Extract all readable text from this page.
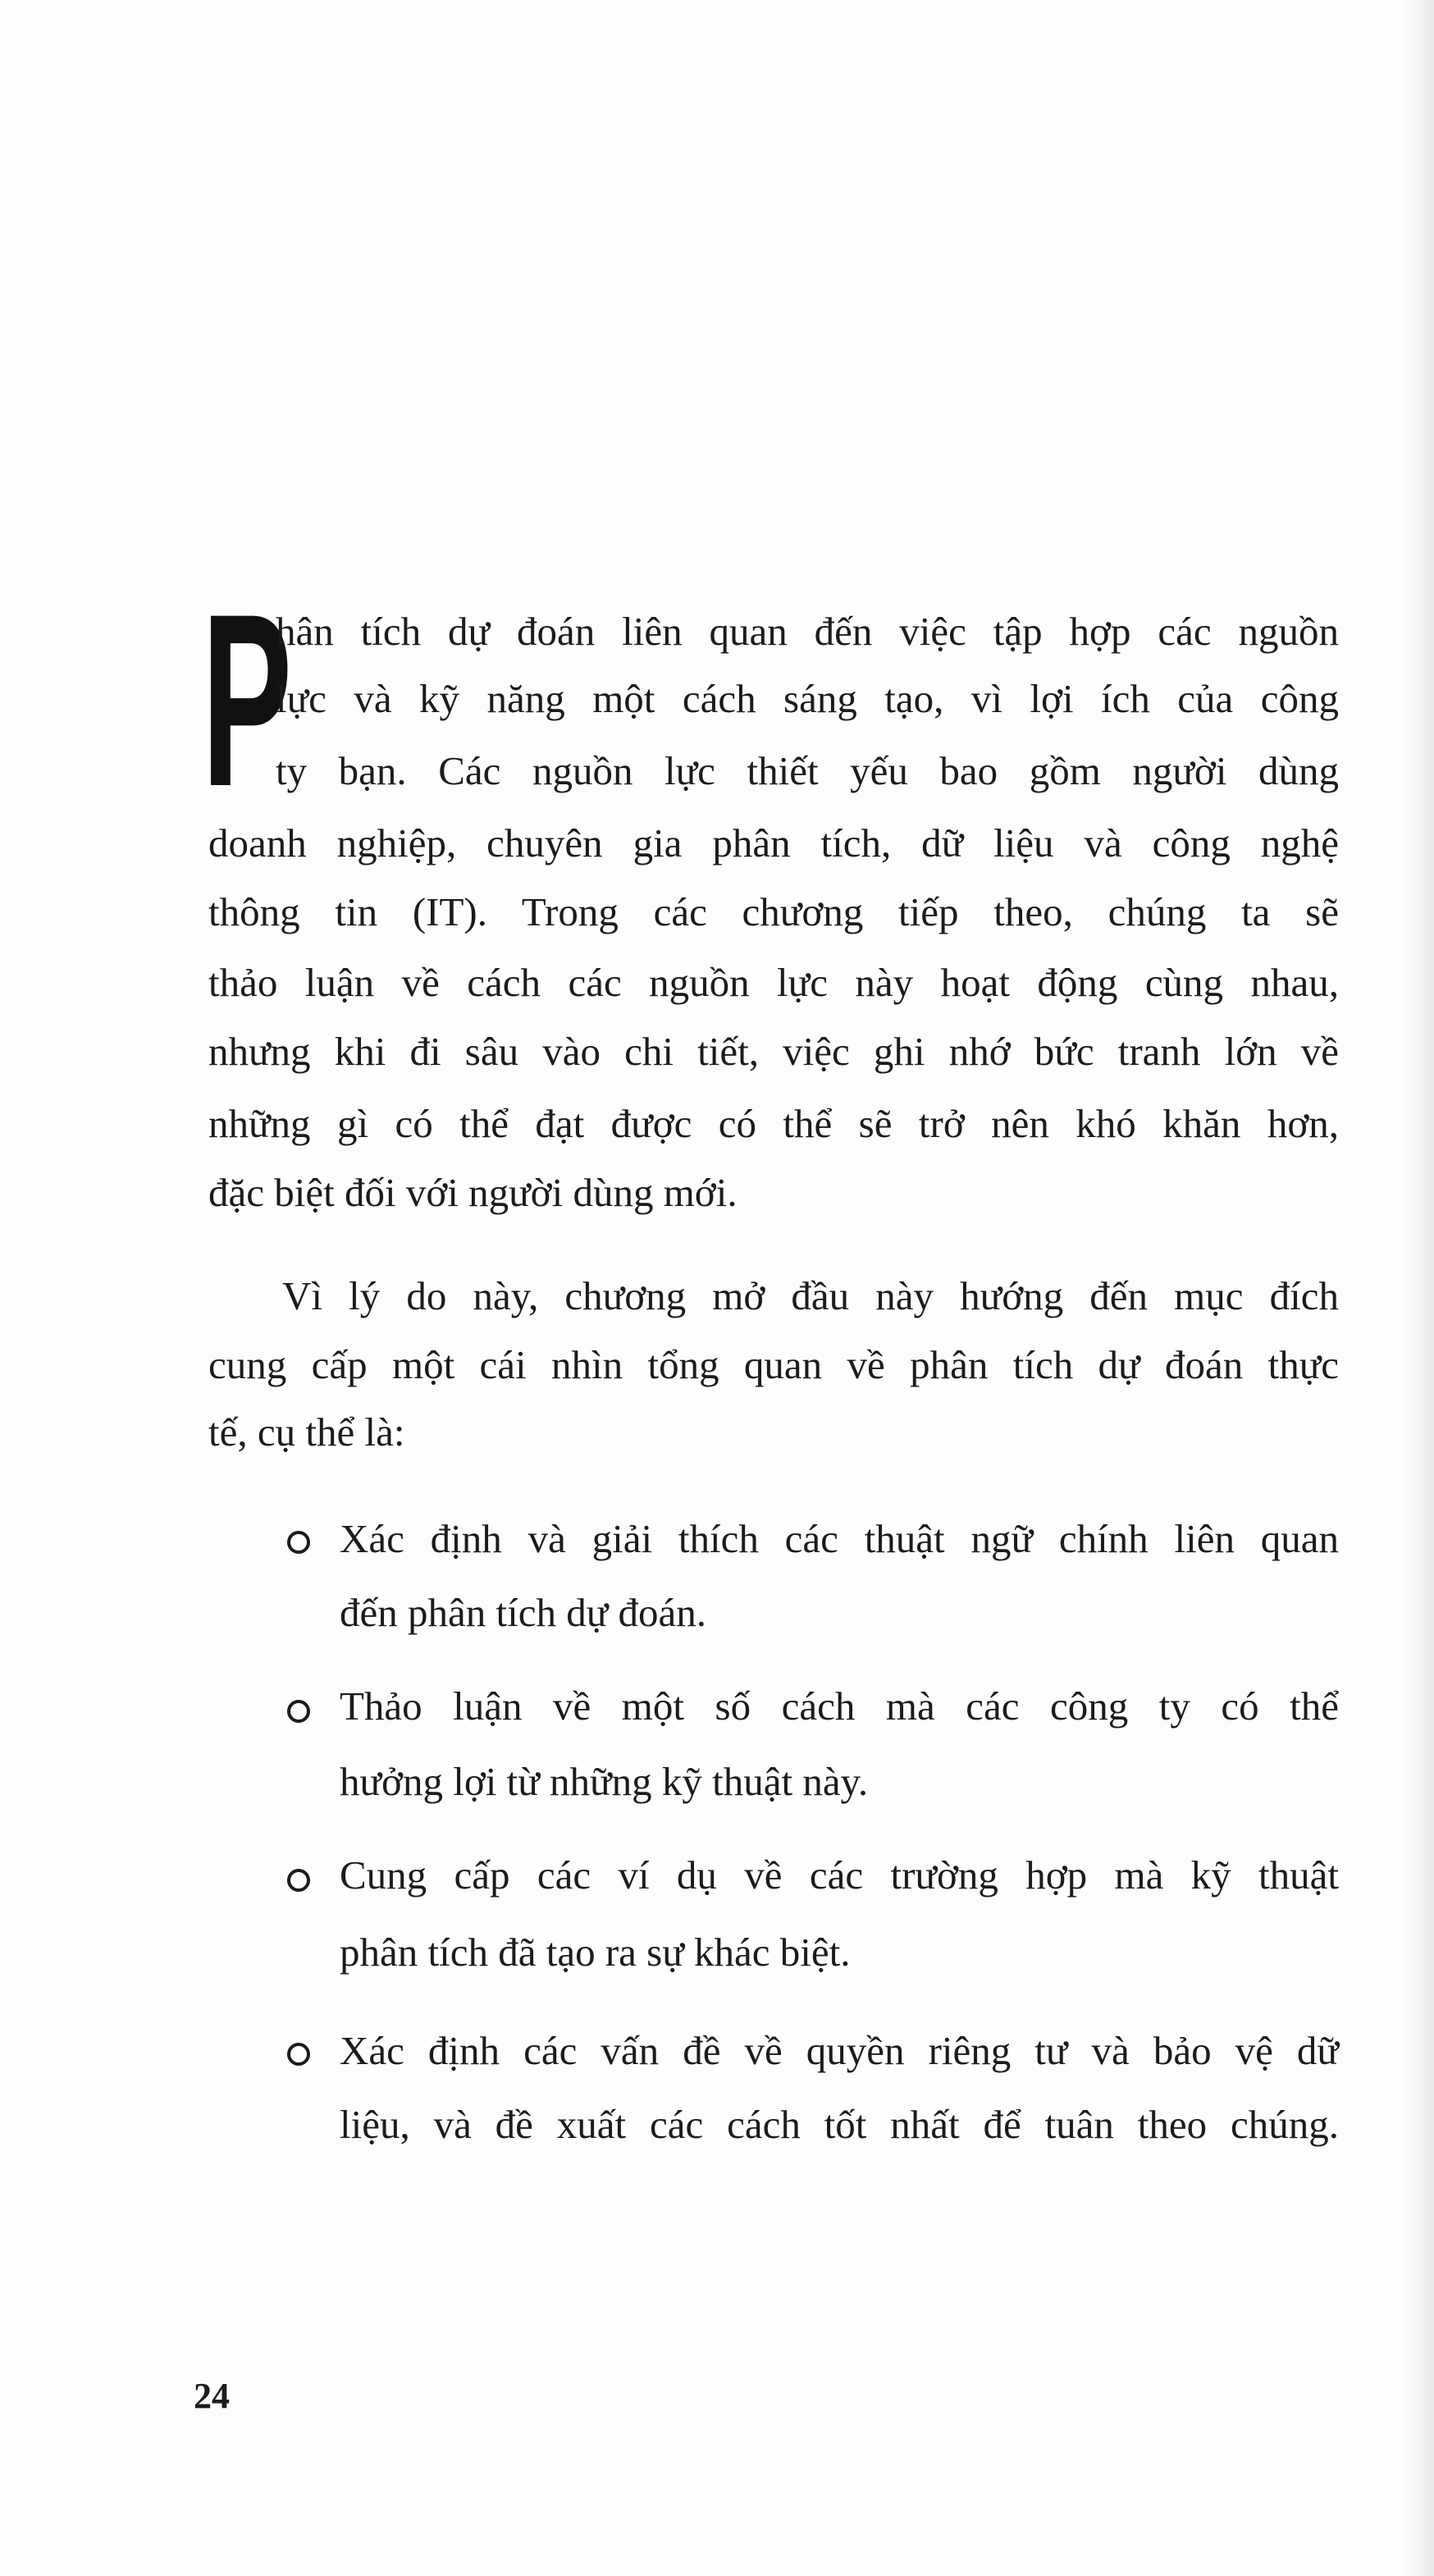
P
hân tích dự đoán liên quan đến việc tập hợp các nguồn
lực và kỹ năng một cách sáng tạo, vì lợi ích của công
ty bạn. Các nguồn lực thiết yếu bao gồm người dùng
doanh nghiệp, chuyên gia phân tích, dữ liệu và công nghệ
thông tin (IT). Trong các chương tiếp theo, chúng ta sẽ
thảo luận về cách các nguồn lực này hoạt động cùng nhau,
nhưng khi đi sâu vào chi tiết, việc ghi nhớ bức tranh lớn về
những gì có thể đạt được có thể sẽ trở nên khó khăn hơn,
đặc biệt đối với người dùng mới.
Vì lý do này, chương mở đầu này hướng đến mục đích
cung cấp một cái nhìn tổng quan về phân tích dự đoán thực
tế, cụ thể là:
Xác định và giải thích các thuật ngữ chính liên quan
đến phân tích dự đoán.
Thảo luận về một số cách mà các công ty có thể
hưởng lợi từ những kỹ thuật này.
Cung cấp các ví dụ về các trường hợp mà kỹ thuật
phân tích đã tạo ra sự khác biệt.
Xác định các vấn đề về quyền riêng tư và bảo vệ dữ
liệu, và đề xuất các cách tốt nhất để tuân theo chúng.
24
